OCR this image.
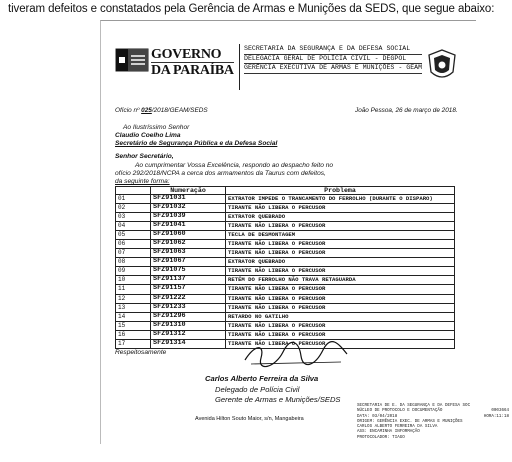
tiveram defeitos e constatados pela Gerência de Armas e Munições da SEDS, que segue abaixo:
GOVERNO
DA PARAÍBA
SECRETARIA DA SEGURANÇA E DA DEFESA SOCIAL
DELEGACIA GERAL DE POLÍCIA CIVIL - DEGPOL
GERÊNCIA EXECUTIVA DE ARMAS E MUNIÇÕES - GEAM
Ofício nº 025/2018/GEAM/SEDS	João Pessoa, 26 de março de 2018.
Ao Ilustríssimo Senhor
Claudio Coelho Lima
Secretário de Segurança Pública e da Defesa Social
Senhor Secretário,
Ao cumprimentar Vossa Excelência, respondo ao despacho feito no
ofício 292/2018/NCPA a cerca dos armamentos da Taurus com defeitos,
da seguinte forma:
	Numeração	Problema
01	SFZ91031	EXTRATOR IMPEDE O TRANCAMENTO DO FERROLHO (DURANTE O DISPARO)
02	SFZ91032	TIRANTE NÃO LIBERA O PERCUSOR
03	SFZ91039	EXTRATOR QUEBRADO
04	SFZ91041	TIRANTE NÃO LIBERA O PERCUSOR
05	SFZ91060	TECLA DE DESMONTAGEM
06	SFZ91062	TIRANTE NÃO LIBERA O PERCUSOR
07	SFZ91063	TIRANTE NÃO LIBERA O PERCUSOR
08	SFZ91067	EXTRATOR QUEBRADO
09	SFZ91075	TIRANTE NÃO LIBERA O PERCUSOR
10	SFZ91137	RETÉM DO FERROLHO NÃO TRAVA RETAGUARDA
11	SFZ91157	TIRANTE NÃO LIBERA O PERCUSOR
12	SFZ91222	TIRANTE NÃO LIBERA O PERCUSOR
13	SFZ91233	TIRANTE NÃO LIBERA O PERCUSOR
14	SFZ91296	RETARDO NO GATILHO
15	SFZ91310	TIRANTE NÃO LIBERA O PERCUSOR
16	SFZ91312	TIRANTE NÃO LIBERA O PERCUSOR
17	SFZ91314	TIRANTE NÃO LIBERA O PERCUSOR
Respeitosamente
Carlos Alberto Ferreira da Silva
Delegado de Polícia Civil
Gerente de Armas e Munições/SEDS
Avenida Hilton Souto Maior, s/n, Mangabeira
SECRETARIA DE E. DA SEGURANÇA E DA DEFESA SOC
NÚCLEO DE PROTOCOLO E DOCUMENTAÇÃO	0003664
DATA: 03/04/2018	HORA:11:18
ORIGEM: GERÊNCIA EXEC. DE ARMAS E MUNIÇÕES
CARLOS ALBERTO FERREIRA DA SILVA
ASS: ENCAMINHA INFORMAÇÃO
PROTOCOLADOR: TIAGO
